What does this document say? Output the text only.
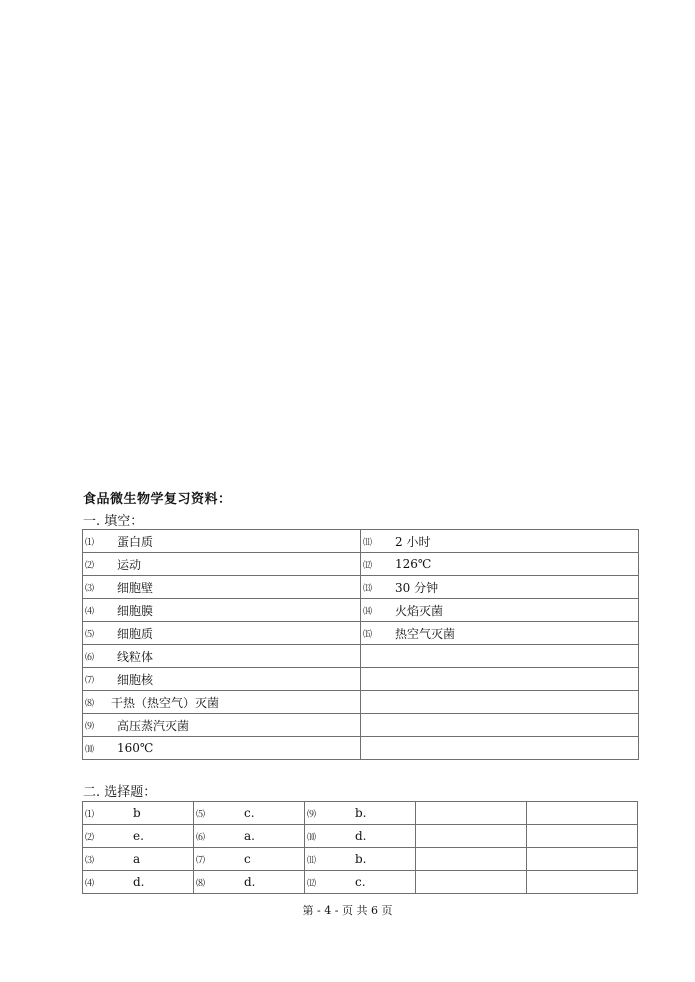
食品微生物学复习资料：
一. 填空：
⑴ 蛋白质	⑾ 2 小时
⑵ 运动	⑿ 126℃
⑶ 细胞壁	⒀ 30 分钟
⑷ 细胞膜	⒁ 火焰灭菌
⑸ 细胞质	⒂ 热空气灭菌
⑹ 线粒体	
⑺ 细胞核	
⑻ 干热（热空气）灭菌	
⑼ 高压蒸汽灭菌	
⑽ 160℃	
二. 选择题：
⑴ b	⑸ c.	⑼ b.		
⑵ e.	⑹ a.	⑽ d.		
⑶ a	⑺ c	⑾ b.		
⑷ d.	⑻ d.	⑿ c.		
第 - 4 - 页 共 6 页
